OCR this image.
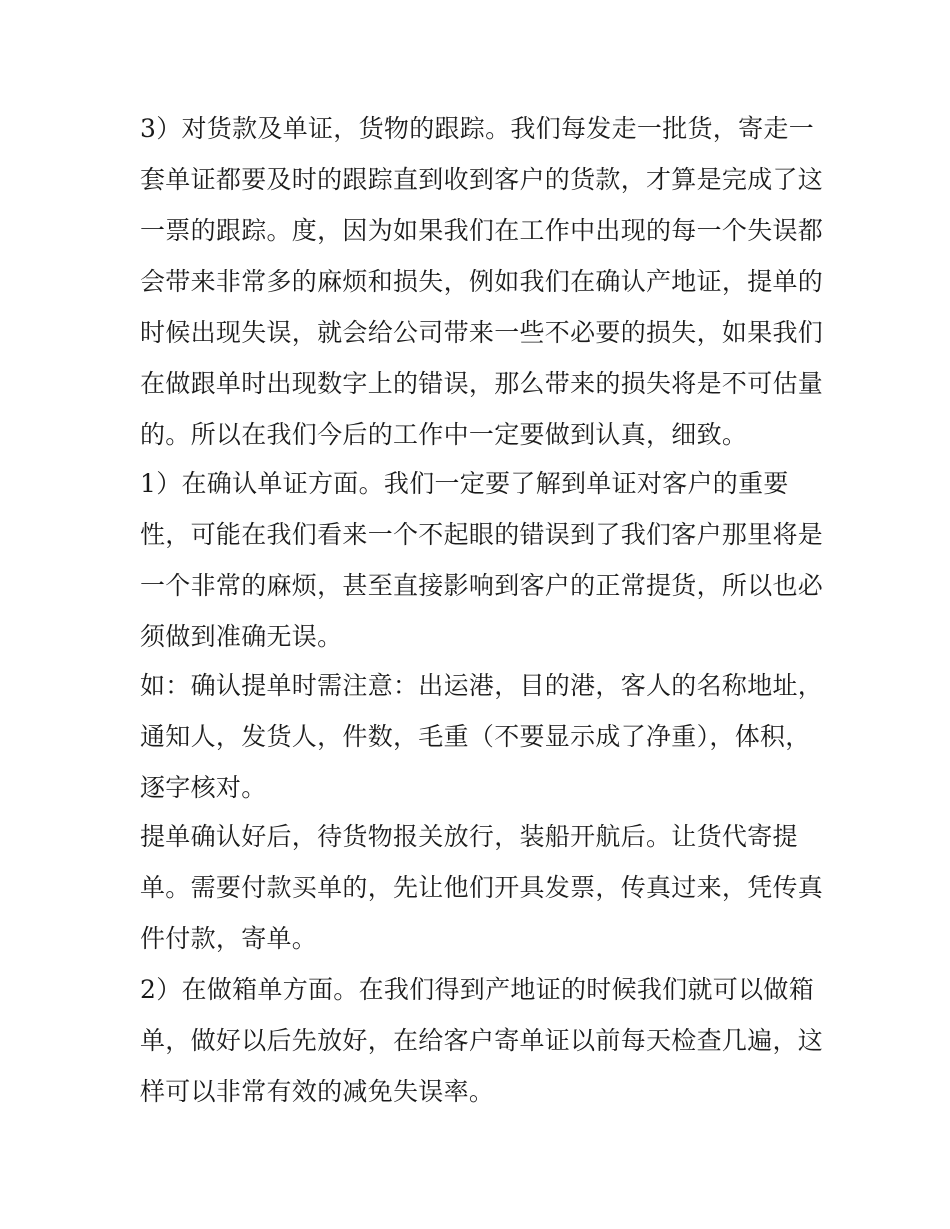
3）对货款及单证，货物的跟踪。我们每发走一批货，寄走一
套单证都要及时的跟踪直到收到客户的货款，才算是完成了这
一票的跟踪。度，因为如果我们在工作中出现的每一个失误都
会带来非常多的麻烦和损失，例如我们在确认产地证，提单的
时候出现失误，就会给公司带来一些不必要的损失，如果我们
在做跟单时出现数字上的错误，那么带来的损失将是不可估量
的。所以在我们今后的工作中一定要做到认真，细致。
1）在确认单证方面。我们一定要了解到单证对客户的重要
性，可能在我们看来一个不起眼的错误到了我们客户那里将是
一个非常的麻烦，甚至直接影响到客户的正常提货，所以也必
须做到准确无误。
如：确认提单时需注意：出运港，目的港，客人的名称地址，
通知人，发货人，件数，毛重（不要显示成了净重），体积，
逐字核对。
提单确认好后，待货物报关放行，装船开航后。让货代寄提
单。需要付款买单的，先让他们开具发票，传真过来，凭传真
件付款，寄单。
2）在做箱单方面。在我们得到产地证的时候我们就可以做箱
单，做好以后先放好，在给客户寄单证以前每天检查几遍，这
样可以非常有效的减免失误率。
